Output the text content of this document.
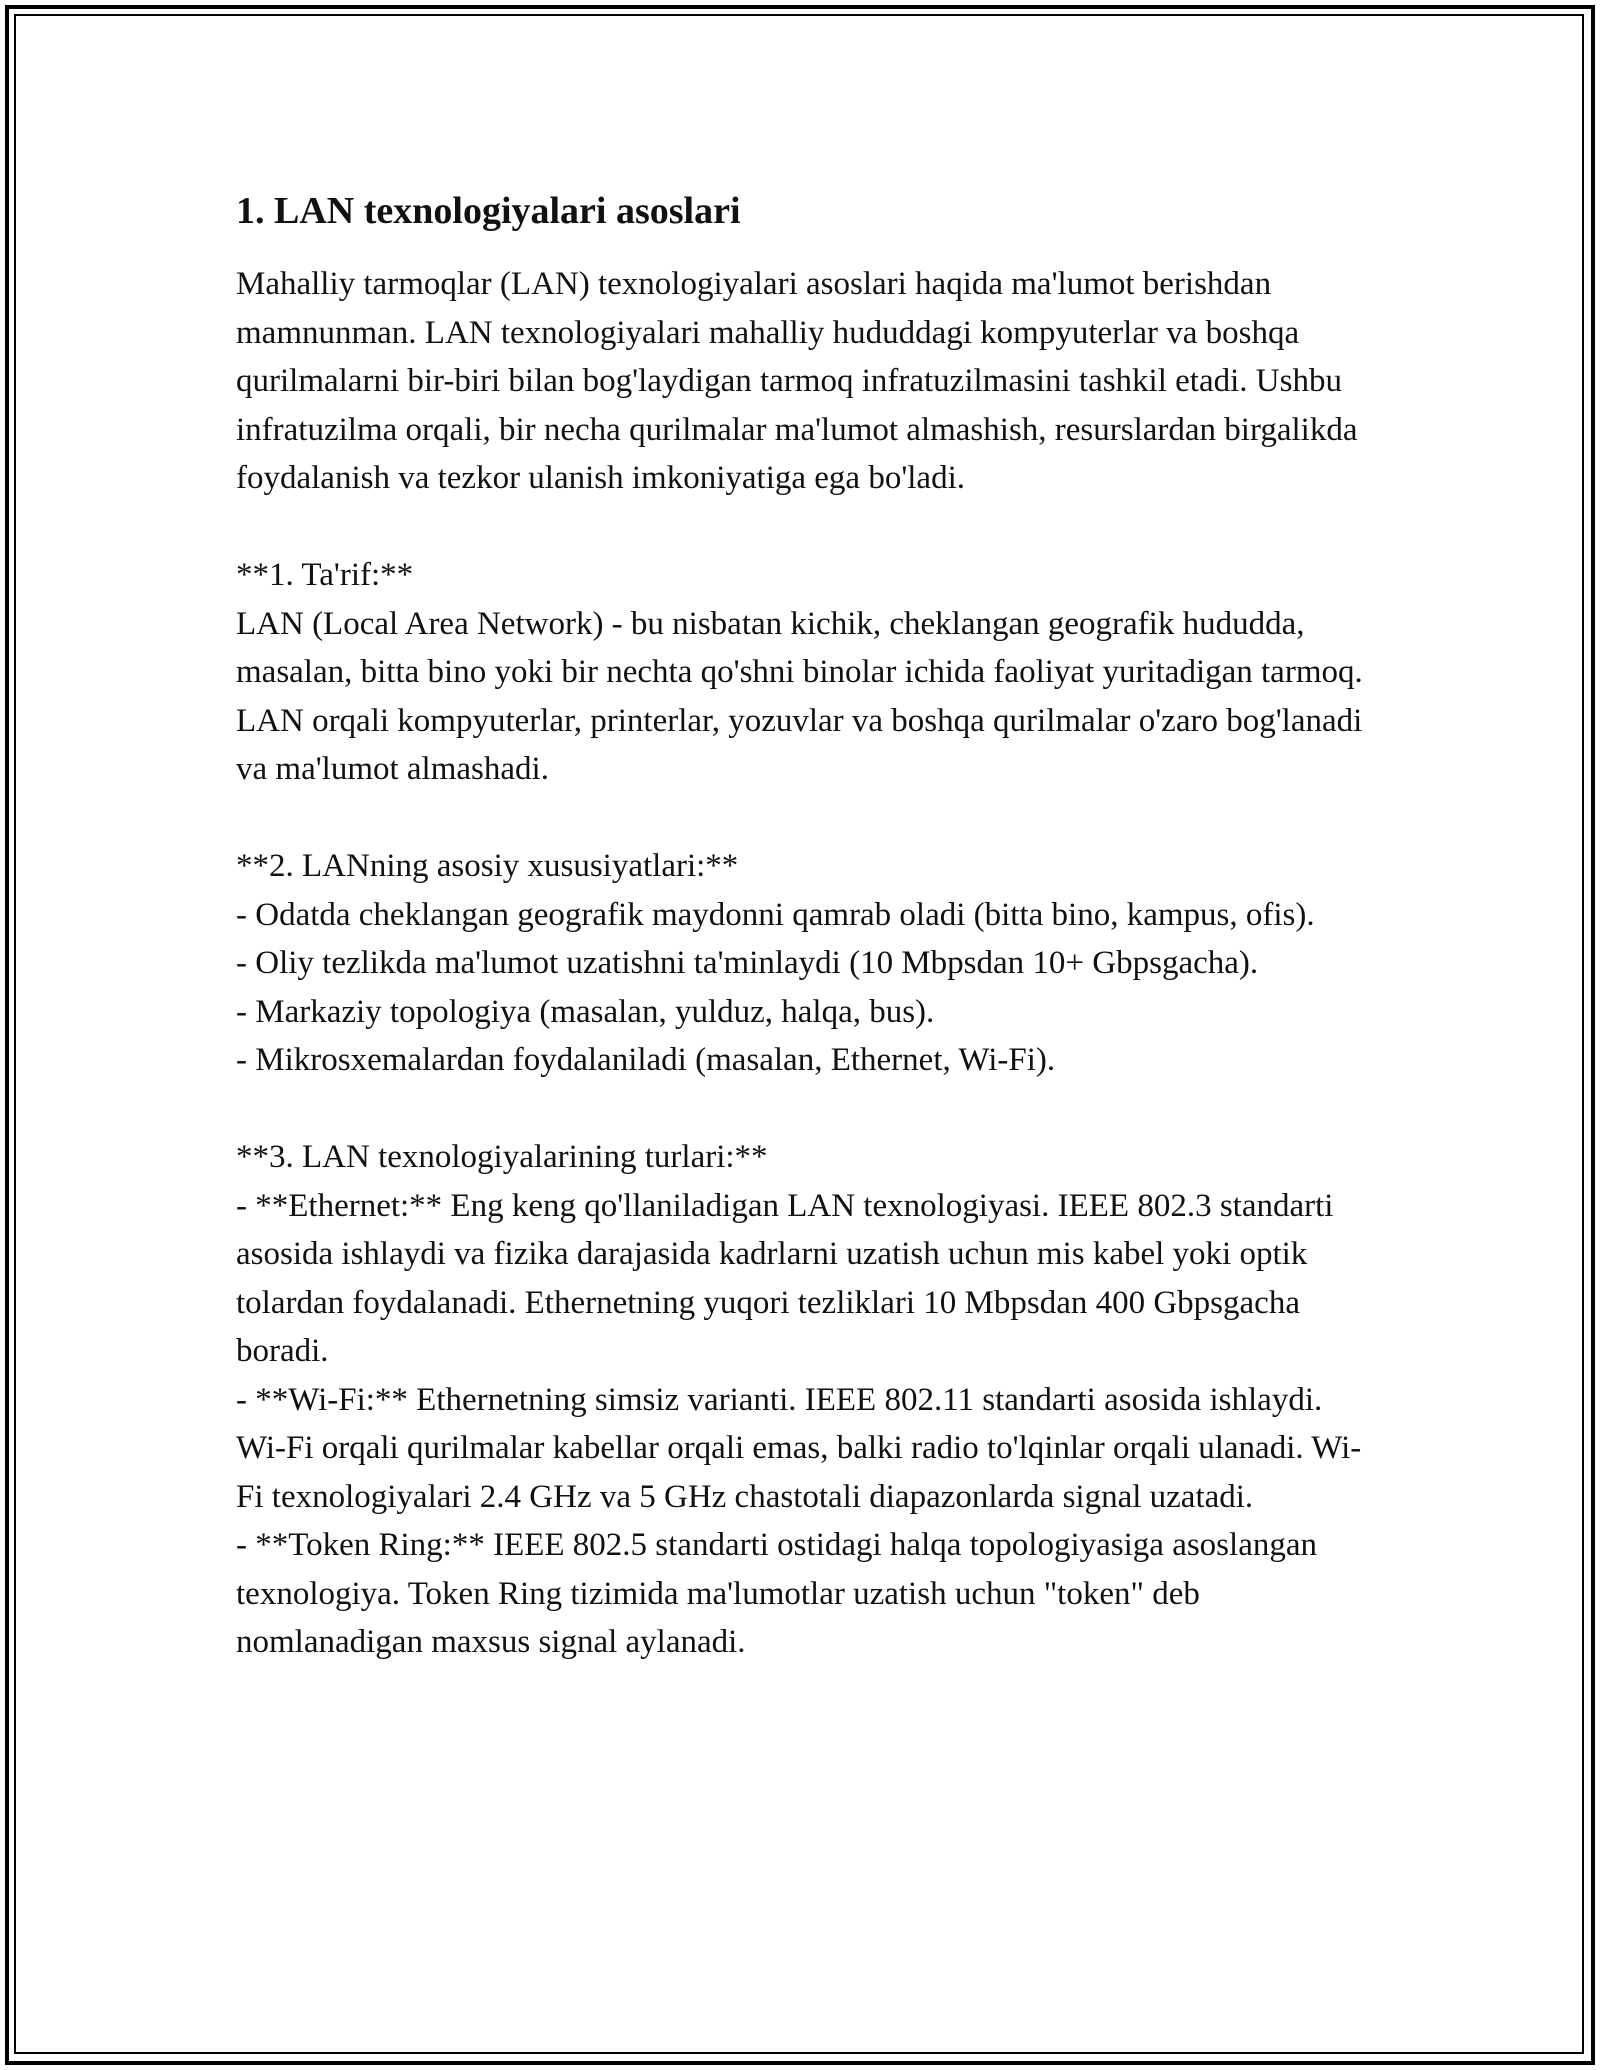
1. LAN texnologiyalari asoslari

Mahalliy tarmoqlar (LAN) texnologiyalari asoslari haqida ma'lumot berishdan mamnunman. LAN texnologiyalari mahalliy hududdagi kompyuterlar va boshqa qurilmalarni bir-biri bilan bog'laydigan tarmoq infratuzilmasini tashkil etadi. Ushbu infratuzilma orqali, bir necha qurilmalar ma'lumot almashish, resurslardan birgalikda foydalanish va tezkor ulanish imkoniyatiga ega bo'ladi.

**1. Ta'rif:**

LAN (Local Area Network) - bu nisbatan kichik, cheklangan geografik hududda, masalan, bitta bino yoki bir nechta qo'shni binolar ichida faoliyat yuritadigan tarmoq. LAN orqali kompyuterlar, printerlar, yozuvlar va boshqa qurilmalar o'zaro bog'lanadi va ma'lumot almashadi.

**2. LANning asosiy xususiyatlari:**

- Odatda cheklangan geografik maydonni qamrab oladi (bitta bino, kampus, ofis).

- Oliy tezlikda ma'lumot uzatishni ta'minlaydi (10 Mbpsdan 10+ Gbpsgacha).

- Markaziy topologiya (masalan, yulduz, halqa, bus).

- Mikrosxemalardan foydalaniladi (masalan, Ethernet, Wi-Fi).

**3. LAN texnologiyalarining turlari:**

- **Ethernet:** Eng keng qo'llaniladigan LAN texnologiyasi. IEEE 802.3 standarti asosida ishlaydi va fizika darajasida kadrlarni uzatish uchun mis kabel yoki optik tolardan foydalanadi. Ethernetning yuqori tezliklari 10 Mbpsdan 400 Gbpsgacha boradi.

- **Wi-Fi:** Ethernetning simsiz varianti. IEEE 802.11 standarti asosida ishlaydi. Wi-Fi orqali qurilmalar kabellar orqali emas, balki radio to'lqinlar orqali ulanadi. Wi-Fi texnologiyalari 2.4 GHz va 5 GHz chastotali diapazonlarda signal uzatadi.

- **Token Ring:** IEEE 802.5 standarti ostidagi halqa topologiyasiga asoslangan texnologiya. Token Ring tizimida ma'lumotlar uzatish uchun "token" deb nomlanadigan maxsus signal aylanadi.
